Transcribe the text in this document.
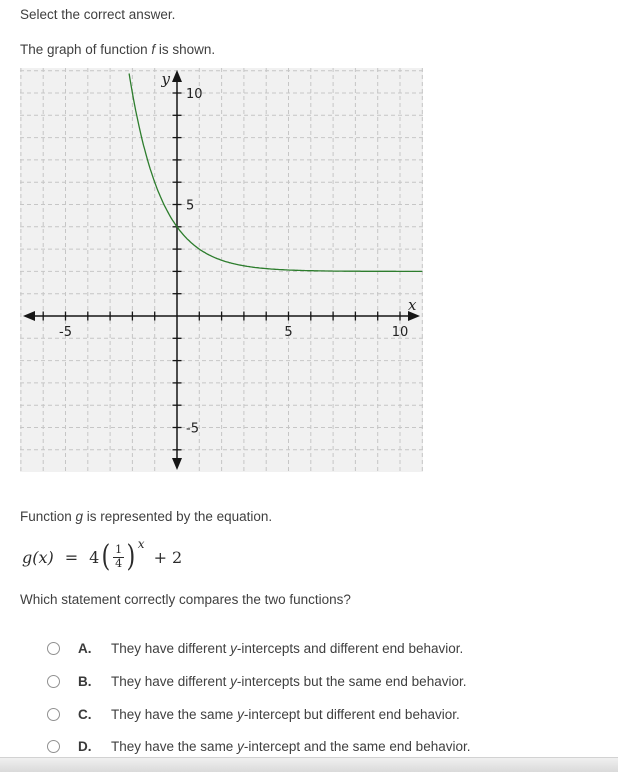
Select the correct answer.
The graph of function f is shown.
-5	5	10
10
5
-5
y
x
Function g is represented by the equation.
g(x) = 4 ( $\frac{1}{4}$ ) x
+ 2
Which statement correctly compares the two functions?
A.	They have different y-intercepts and different end behavior.
B.	They have different y-intercepts but the same end behavior.
C.	They have the same y-intercept but different end behavior.
D.	They have the same y-intercept and the same end behavior.
